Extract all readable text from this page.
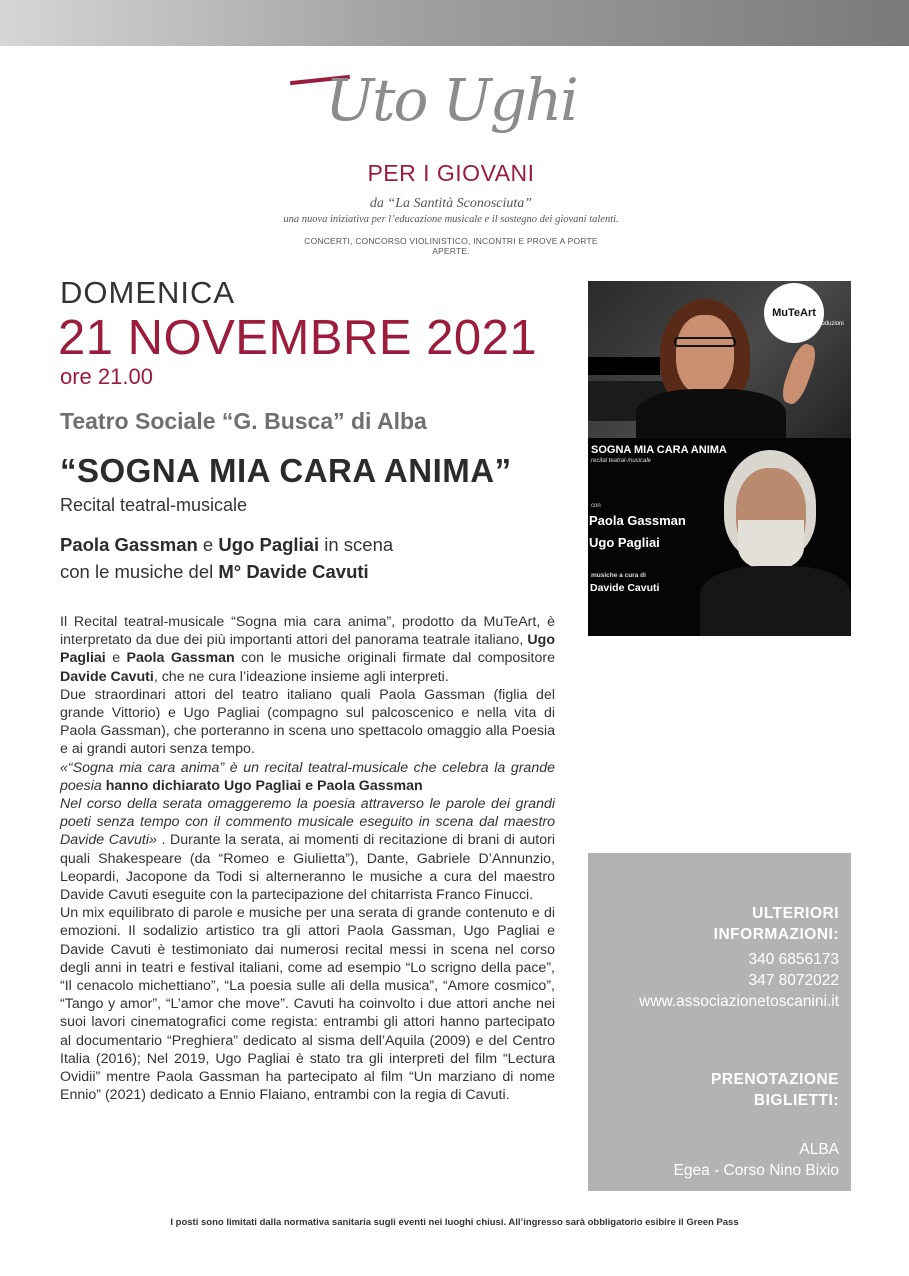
Uto Ughi
PER I GIOVANI
da “La Santità Sconosciuta”
una nuova iniziativa per l’educazione musicale e il sostegno dei giovani talenti.
CONCERTI, CONCORSO VIOLINISTICO, INCONTRI E PROVE A PORTE APERTE.
DOMENICA
21 NOVEMBRE 2021
ore 21.00
Teatro Sociale “G. Busca” di Alba
“SOGNA MIA CARA ANIMA”
Recital teatral-musicale
Paola Gassman e Ugo Pagliai in scena
con le musiche del M° Davide Cavuti

Il Recital teatral-musicale “Sogna mia cara anima”, prodotto da MuTeArt, è interpretato da due dei più importanti attori del panorama teatrale italiano, Ugo Pagliai e Paola Gassman con le musiche originali firmate dal compositore Davide Cavuti, che ne cura l’ideazione insieme agli interpreti.

Due straordinari attori del teatro italiano quali Paola Gassman (figlia del grande Vittorio) e Ugo Pagliai (compagno sul palcoscenico e nella vita di Paola Gassman), che porteranno in scena uno spettacolo omaggio alla Poesia e ai grandi autori senza tempo.

«“Sogna mia cara anima” è un recital teatral-musicale che celebra la grande poesia hanno dichiarato Ugo Pagliai e Paola Gassman
Nel corso della serata omaggeremo la poesia attraverso le parole dei grandi poeti senza tempo con il commento musicale eseguito in scena dal maestro Davide Cavuti» . Durante la serata, ai momenti di recitazione di brani di autori quali Shakespeare (da “Romeo e Giulietta”), Dante, Gabriele D’Annunzio, Leopardi, Jacopone da Todi si alterneranno le musiche a cura del maestro Davide Cavuti eseguite con la partecipazione del chitarrista Franco Finucci.

Un mix equilibrato di parole e musiche per una serata di grande contenuto e di emozioni. Il sodalizio artistico tra gli attori Paola Gassman, Ugo Pagliai e Davide Cavuti è testimoniato dai numerosi recital messi in scena nel corso degli anni in teatri e festival italiani, come ad esempio “Lo scrigno della pace”, “Il cenacolo michettiano”, “La poesia sulle ali della musica”, “Amore cosmico”, “Tango y amor”, “L’amor che move”. Cavuti ha coinvolto i due attori anche nei suoi lavori cinematografici come regista: entrambi gli attori hanno partecipato al documentario “Preghiera” dedicato al sisma dell’Aquila (2009) e del Centro Italia (2016); Nel 2019, Ugo Pagliai è stato tra gli interpreti del film “Lectura Ovidii” mentre Paola Gassman ha partecipato al film “Un marziano di nome Ennio” (2021) dedicato a Ennio Flaiano, entrambi con la regia di Cavuti.

MuTeArt
produzioni
SOGNA MIA CARA ANIMA
recital teatral-musicale
con
Paola Gassman
Ugo Pagliai
musiche a cura di
Davide Cavuti
ULTERIORI
INFORMAZIONI:
340 6856173
347 8072022
www.associazionetoscanini.it
PRENOTAZIONE
BIGLIETTI:
ALBA
Egea - Corso Nino Bixio
I posti sono limitati dalla normativa sanitaria sugli eventi nei luoghi chiusi. All’ingresso sarà obbligatorio esibire il Green Pass
